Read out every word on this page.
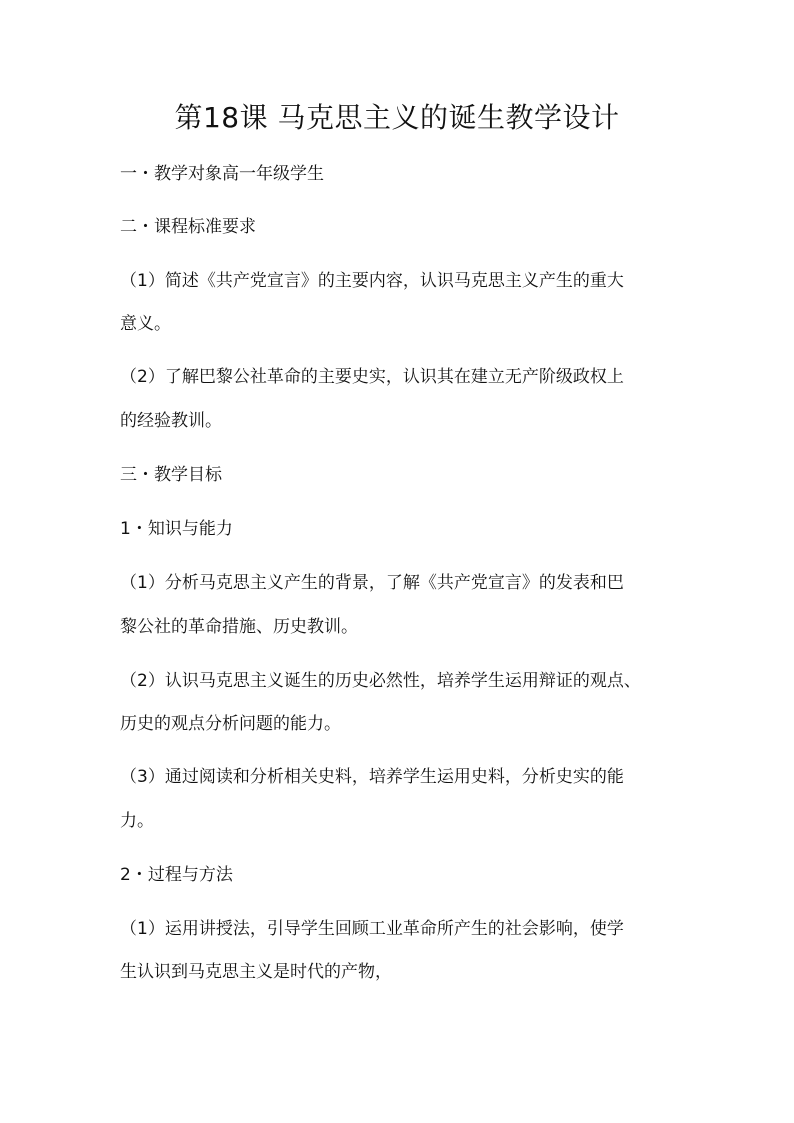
第18课 马克思主义的诞生教学设计

一・教学对象高一年级学生

二・课程标准要求

（1）简述《共产党宣言》的主要内容，认识马克思主义产生的重大

意义。

（2）了解巴黎公社革命的主要史实，认识其在建立无产阶级政权上

的经验教训。

三・教学目标

1・知识与能力

（1）分析马克思主义产生的背景，了解《共产党宣言》的发表和巴

黎公社的革命措施、历史教训。

（2）认识马克思主义诞生的历史必然性，培养学生运用辩证的观点、

历史的观点分析问题的能力。

（3）通过阅读和分析相关史料，培养学生运用史料，分析史实的能

力。

2・过程与方法

（1）运用讲授法，引导学生回顾工业革命所产生的社会影响，使学

生认识到马克思主义是时代的产物，
